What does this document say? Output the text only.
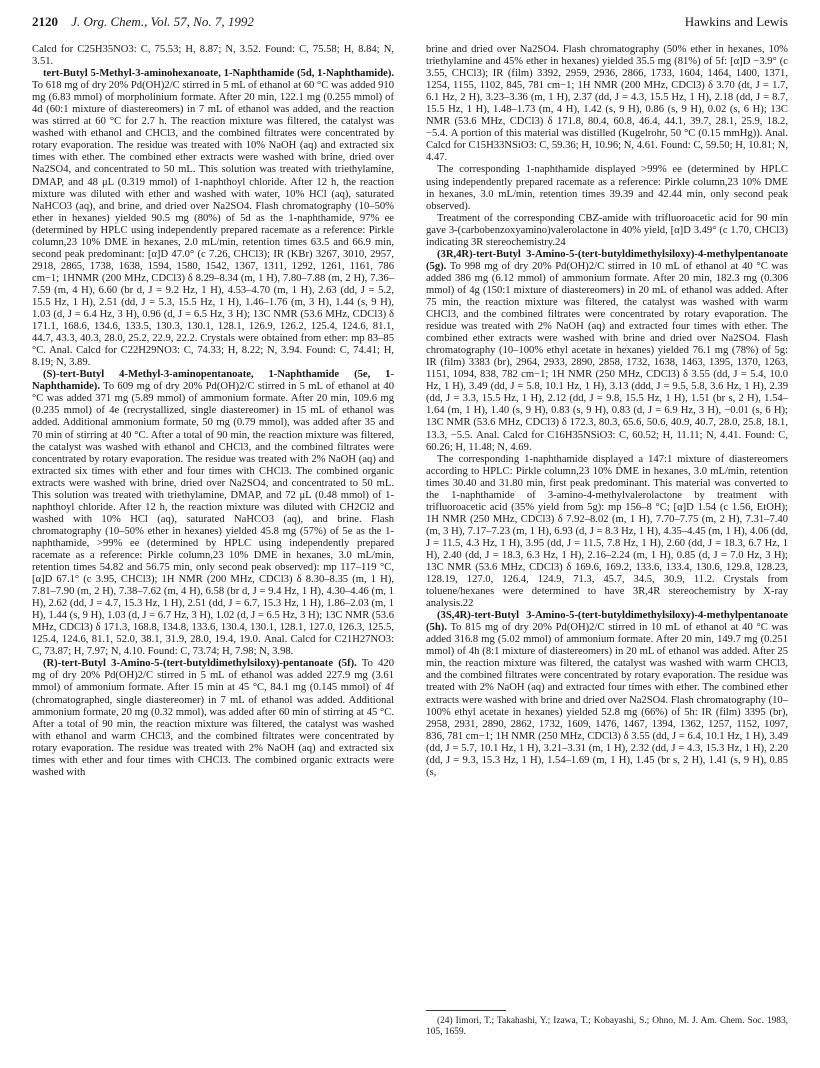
2120 J. Org. Chem., Vol. 57, No. 7, 1992	Hawkins and Lewis

Calcd for C25H35NO3: C, 75.53; H, 8.87; N, 3.52. Found: C, 75.58; H, 8.84; N, 3.51.

tert-Butyl 5-Methyl-3-aminohexanoate, 1-Naphthamide (5d, 1-Naphthamide). To 618 mg of dry 20% Pd(OH)2/C stirred in 5 mL of ethanol at 60 °C was added 910 mg (6.83 mmol) of morpholinium formate. After 20 min, 122.1 mg (0.255 mmol) of 4d (60:1 mixture of diastereomers) in 7 mL of ethanol was added, and the reaction was stirred at 60 °C for 2.7 h. The reaction mixture was filtered, the catalyst was washed with ethanol and CHCl3, and the combined filtrates were concentrated by rotary evaporation. The residue was treated with 10% NaOH (aq) and extracted six times with ether. The combined ether extracts were washed with brine, dried over Na2SO4, and concentrated to 50 mL. This solution was treated with triethylamine, DMAP, and 48 μL (0.319 mmol) of 1-naphthoyl chloride. After 12 h, the reaction mixture was diluted with ether and washed with water, 10% HCl (aq), saturated NaHCO3 (aq), and brine, and dried over Na2SO4. Flash chromatography (10–50% ether in hexanes) yielded 90.5 mg (80%) of 5d as the 1-naphthamide, 97% ee (determined by HPLC using independently prepared racemate as a reference: Pirkle column,23 10% DME in hexanes, 2.0 mL/min, retention times 63.5 and 66.9 min, second peak predominant: [α]D 47.0° (c 7.26, CHCl3); IR (KBr) 3267, 3010, 2957, 2918, 2865, 1738, 1638, 1594, 1580, 1542, 1367, 1311, 1292, 1261, 1161, 786 cm−1; 1HNMR (200 MHz, CDCl3) δ 8.29–8.34 (m, 1 H), 7.80–7.88 (m, 2 H), 7.36–7.59 (m, 4 H), 6.60 (br d, J = 9.2 Hz, 1 H), 4.53–4.70 (m, 1 H), 2.63 (dd, J = 5.2, 15.5 Hz, 1 H), 2.51 (dd, J = 5.3, 15.5 Hz, 1 H), 1.46–1.76 (m, 3 H), 1.44 (s, 9 H), 1.03 (d, J = 6.4 Hz, 3 H), 0.96 (d, J = 6.5 Hz, 3 H); 13C NMR (53.6 MHz, CDCl3) δ 171.1, 168.6, 134.6, 133.5, 130.3, 130.1, 128.1, 126.9, 126.2, 125.4, 124.6, 81.1, 44.7, 43.3, 40.3, 28.0, 25.2, 22.9, 22.2. Crystals were obtained from ether: mp 83–85 °C. Anal. Calcd for C22H29NO3: C, 74.33; H, 8.22; N, 3.94. Found: C, 74.41; H, 8.19; N, 3.89.

(S)-tert-Butyl 4-Methyl-3-aminopentanoate, 1-Naphthamide (5e, 1-Naphthamide). To 609 mg of dry 20% Pd(OH)2/C stirred in 5 mL of ethanol at 40 °C was added 371 mg (5.89 mmol) of ammonium formate. After 20 min, 109.6 mg (0.235 mmol) of 4e (recrystallized, single diastereomer) in 15 mL of ethanol was added. Additional ammonium formate, 50 mg (0.79 mmol), was added after 35 and 70 min of stirring at 40 °C. After a total of 90 min, the reaction mixture was filtered, the catalyst was washed with ethanol and CHCl3, and the combined filtrates were concentrated by rotary evaporation. The residue was treated with 2% NaOH (aq) and extracted six times with ether and four times with CHCl3. The combined organic extracts were washed with brine, dried over Na2SO4, and concentrated to 50 mL. This solution was treated with triethylamine, DMAP, and 72 μL (0.48 mmol) of 1-naphthoyl chloride. After 12 h, the reaction mixture was diluted with CH2Cl2 and washed with 10% HCl (aq), saturated NaHCO3 (aq), and brine. Flash chromatography (10–50% ether in hexanes) yielded 45.8 mg (57%) of 5e as the 1-naphthamide, >99% ee (determined by HPLC using independently prepared racemate as a reference: Pirkle column,23 10% DME in hexanes, 3.0 mL/min, retention times 54.82 and 56.75 min, only second peak observed): mp 117–119 °C, [α]D 67.1° (c 3.95, CHCl3); 1H NMR (200 MHz, CDCl3) δ 8.30–8.35 (m, 1 H), 7.81–7.90 (m, 2 H), 7.38–7.62 (m, 4 H), 6.58 (br d, J = 9.4 Hz, 1 H), 4.30–4.46 (m, 1 H), 2.62 (dd, J = 4.7, 15.3 Hz, 1 H), 2.51 (dd, J = 6.7, 15.3 Hz, 1 H), 1.86–2.03 (m, 1 H), 1.44 (s, 9 H), 1.03 (d, J = 6.7 Hz, 3 H), 1.02 (d, J = 6.5 Hz, 3 H); 13C NMR (53.6 MHz, CDCl3) δ 171.3, 168.8, 134.8, 133.6, 130.4, 130.1, 128.1, 127.0, 126.3, 125.5, 125.4, 124.6, 81.1, 52.0, 38.1, 31.9, 28.0, 19.4, 19.0. Anal. Calcd for C21H27NO3: C, 73.87; H, 7.97; N, 4.10. Found: C, 73.74; H, 7.98; N, 3.98.

(R)-tert-Butyl 3-Amino-5-(tert-butyldimethylsiloxy)-pentanoate (5f). To 420 mg of dry 20% Pd(OH)2/C stirred in 5 mL of ethanol was added 227.9 mg (3.61 mmol) of ammonium formate. After 15 min at 45 °C, 84.1 mg (0.145 mmol) of 4f (chromatographed, single diastereomer) in 7 mL of ethanol was added. Additional ammonium formate, 20 mg (0.32 mmol), was added after 60 min of stirring at 45 °C. After a total of 90 min, the reaction mixture was filtered, the catalyst was washed with ethanol and warm CHCl3, and the combined filtrates were concentrated by rotary evaporation. The residue was treated with 2% NaOH (aq) and extracted six times with ether and four times with CHCl3. The combined organic extracts were washed with

brine and dried over Na2SO4. Flash chromatography (50% ether in hexanes, 10% triethylamine and 45% ether in hexanes) yielded 35.5 mg (81%) of 5f: [α]D −3.9° (c 3.55, CHCl3); IR (film) 3392, 2959, 2936, 2866, 1733, 1604, 1464, 1400, 1371, 1254, 1155, 1102, 845, 781 cm−1; 1H NMR (200 MHz, CDCl3) δ 3.70 (dt, J = 1.7, 6.1 Hz, 2 H), 3.23–3.36 (m, 1 H), 2.37 (dd, J = 4.3, 15.5 Hz, 1 H), 2.18 (dd, J = 8.7, 15.5 Hz, 1 H), 1.48–1.73 (m, 4 H), 1.42 (s, 9 H), 0.86 (s, 9 H), 0.02 (s, 6 H); 13C NMR (53.6 MHz, CDCl3) δ 171.8, 80.4, 60.8, 46.4, 44.1, 39.7, 28.1, 25.9, 18.2, −5.4. A portion of this material was distilled (Kugelrohr, 50 °C (0.15 mmHg)). Anal. Calcd for C15H33NSiO3: C, 59.36; H, 10.96; N, 4.61. Found: C, 59.50; H, 10.81; N, 4.47.

The corresponding 1-naphthamide displayed >99% ee (determined by HPLC using independently prepared racemate as a reference: Pirkle column,23 10% DME in hexanes, 3.0 mL/min, retention times 39.39 and 42.44 min, only second peak observed).

Treatment of the corresponding CBZ-amide with trifluoroacetic acid for 90 min gave 3-(carbobenzoxyamino)valerolactone in 40% yield, [α]D 3.49° (c 1.70, CHCl3) indicating 3R stereochemistry.24

(3R,4R)-tert-Butyl 3-Amino-5-(tert-butyldimethylsiloxy)-4-methylpentanoate (5g). To 998 mg of dry 20% Pd(OH)2/C stirred in 10 mL of ethanol at 40 °C was added 386 mg (6.12 mmol) of ammonium formate. After 20 min, 182.3 mg (0.306 mmol) of 4g (150:1 mixture of diastereomers) in 20 mL of ethanol was added. After 75 min, the reaction mixture was filtered, the catalyst was washed with warm CHCl3, and the combined filtrates were concentrated by rotary evaporation. The residue was treated with 2% NaOH (aq) and extracted four times with ether. The combined ether extracts were washed with brine and dried over Na2SO4. Flash chromatography (10–100% ethyl acetate in hexanes) yielded 76.1 mg (78%) of 5g: IR (film) 3383 (br), 2964, 2933, 2890, 2858, 1732, 1638, 1463, 1395, 1370, 1263, 1151, 1094, 838, 782 cm−1; 1H NMR (250 MHz, CDCl3) δ 3.55 (dd, J = 5.4, 10.0 Hz, 1 H), 3.49 (dd, J = 5.8, 10.1 Hz, 1 H), 3.13 (ddd, J = 9.5, 5.8, 3.6 Hz, 1 H), 2.39 (dd, J = 3.3, 15.5 Hz, 1 H), 2.12 (dd, J = 9.8, 15.5 Hz, 1 H), 1.51 (br s, 2 H), 1.54–1.64 (m, 1 H), 1.40 (s, 9 H), 0.83 (s, 9 H), 0.83 (d, J = 6.9 Hz, 3 H), −0.01 (s, 6 H); 13C NMR (53.6 MHz, CDCl3) δ 172.3, 80.3, 65.6, 50.6, 40.9, 40.7, 28.0, 25.8, 18.1, 13.3, −5.5. Anal. Calcd for C16H35NSiO3: C, 60.52; H, 11.11; N, 4.41. Found: C, 60.26; H, 11.48; N, 4.69.

The corresponding 1-naphthamide displayed a 147:1 mixture of diastereomers according to HPLC: Pirkle column,23 10% DME in hexanes, 3.0 mL/min, retention times 30.40 and 31.80 min, first peak predominant. This material was converted to the 1-naphthamide of 3-amino-4-methylvalerolactone by treatment with trifluoroacetic acid (35% yield from 5g): mp 156–8 °C; [α]D 1.54 (c 1.56, EtOH); 1H NMR (250 MHz, CDCl3) δ 7.92–8.02 (m, 1 H), 7.70–7.75 (m, 2 H), 7.31–7.40 (m, 3 H), 7.17–7.23 (m, 1 H), 6.93 (d, J = 8.3 Hz, 1 H), 4.35–4.45 (m, 1 H), 4.06 (dd, J = 11.5, 4.3 Hz, 1 H), 3.95 (dd, J = 11.5, 7.8 Hz, 1 H), 2.60 (dd, J = 18.3, 6.7 Hz, 1 H), 2.40 (dd, J = 18.3, 6.3 Hz, 1 H), 2.16–2.24 (m, 1 H), 0.85 (d, J = 7.0 Hz, 3 H); 13C NMR (53.6 MHz, CDCl3) δ 169.6, 169.2, 133.6, 133.4, 130.6, 129.8, 128.23, 128.19, 127.0, 126.4, 124.9, 71.3, 45.7, 34.5, 30.9, 11.2. Crystals from toluene/hexanes were determined to have 3R,4R stereochemistry by X-ray analysis.22

(3S,4R)-tert-Butyl 3-Amino-5-(tert-butyldimethylsiloxy)-4-methylpentanoate (5h). To 815 mg of dry 20% Pd(OH)2/C stirred in 10 mL of ethanol at 40 °C was added 316.8 mg (5.02 mmol) of ammonium formate. After 20 min, 149.7 mg (0.251 mmol) of 4h (8:1 mixture of diastereomers) in 20 mL of ethanol was added. After 25 min, the reaction mixture was filtered, the catalyst was washed with warm CHCl3, and the combined filtrates were concentrated by rotary evaporation. The residue was treated with 2% NaOH (aq) and extracted four times with ether. The combined ether extracts were washed with brine and dried over Na2SO4. Flash chromatography (10–100% ethyl acetate in hexanes) yielded 52.8 mg (66%) of 5h: IR (film) 3395 (br), 2958, 2931, 2890, 2862, 1732, 1609, 1476, 1467, 1394, 1362, 1257, 1152, 1097, 836, 781 cm−1; 1H NMR (250 MHz, CDCl3) δ 3.55 (dd, J = 6.4, 10.1 Hz, 1 H), 3.49 (dd, J = 5.7, 10.1 Hz, 1 H), 3.21–3.31 (m, 1 H), 2.32 (dd, J = 4.3, 15.3 Hz, 1 H), 2.20 (dd, J = 9.3, 15.3 Hz, 1 H), 1.54–1.69 (m, 1 H), 1.45 (br s, 2 H), 1.41 (s, 9 H), 0.85 (s,

(24) Iimori, T.; Takahashi, Y.; Izawa, T.; Kobayashi, S.; Ohno, M. J. Am. Chem. Soc. 1983, 105, 1659.
